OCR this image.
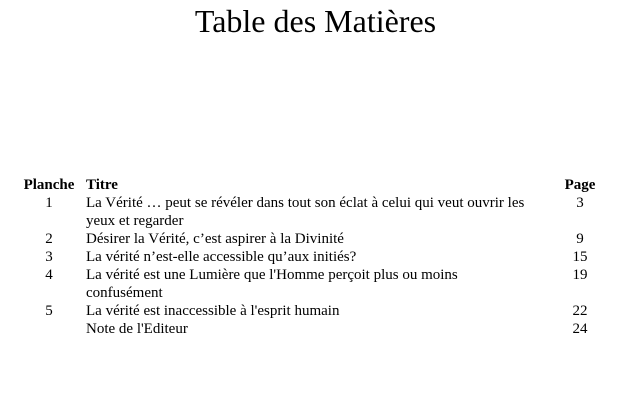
Table des Matières
Planche	Titre	Page
1	La Vérité … peut se révéler dans tout son éclat à celui qui veut ouvrir les yeux et regarder	3
2	Désirer la Vérité, c’est aspirer à la Divinité	9
3	La vérité n’est-elle accessible qu’aux initiés?	15
4	La vérité est une Lumière que l'Homme perçoit plus ou moins confusément	19
5	La vérité est inaccessible à l'esprit humain	22
	Note de l'Editeur	24
